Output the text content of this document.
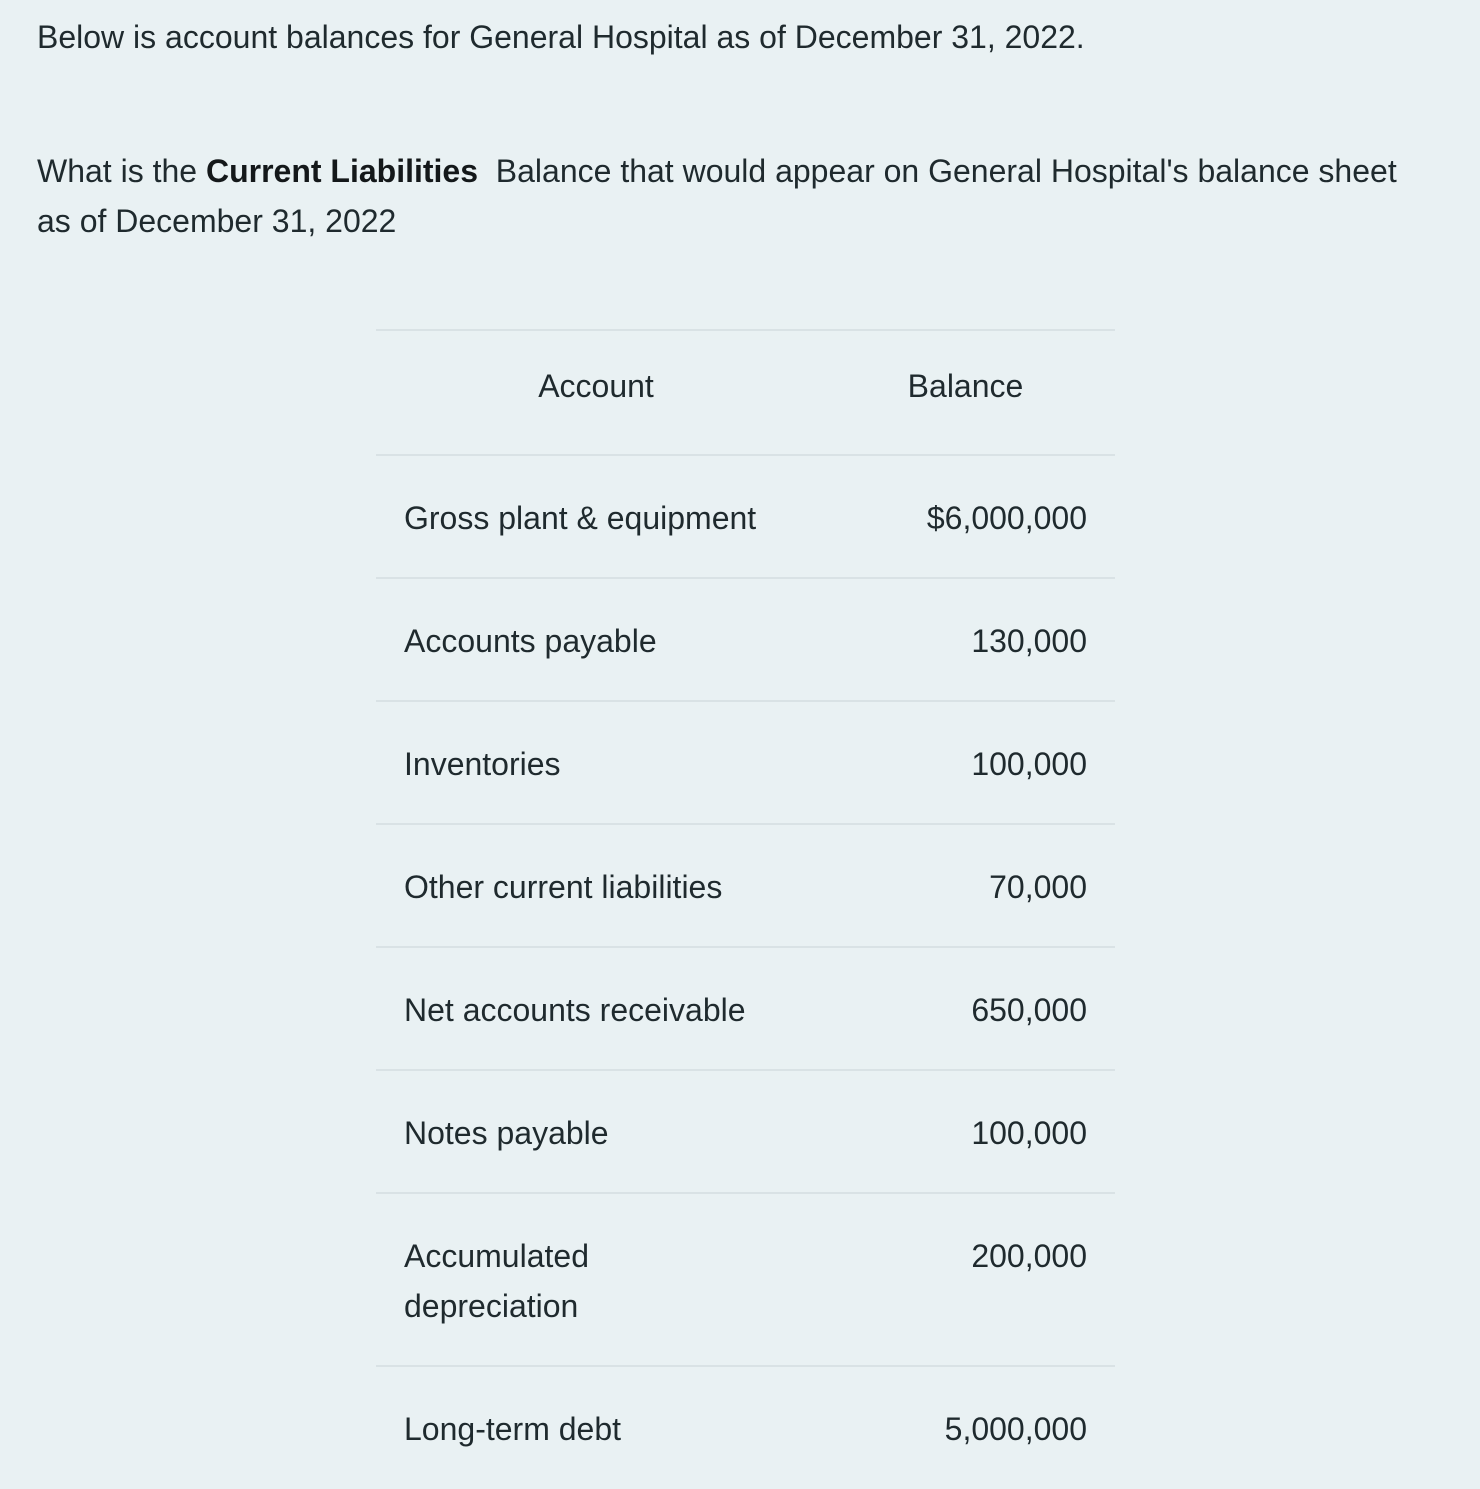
Below is account balances for General Hospital as of December 31, 2022.

What is the Current Liabilities  Balance that would appear on General Hospital's balance sheet as of December 31, 2022

Account	Balance
Gross plant & equipment	$6,000,000
Accounts payable	130,000
Inventories	100,000
Other current liabilities	70,000
Net accounts receivable	650,000
Notes payable	100,000
Accumulated depreciation	200,000
Long-term debt	5,000,000
